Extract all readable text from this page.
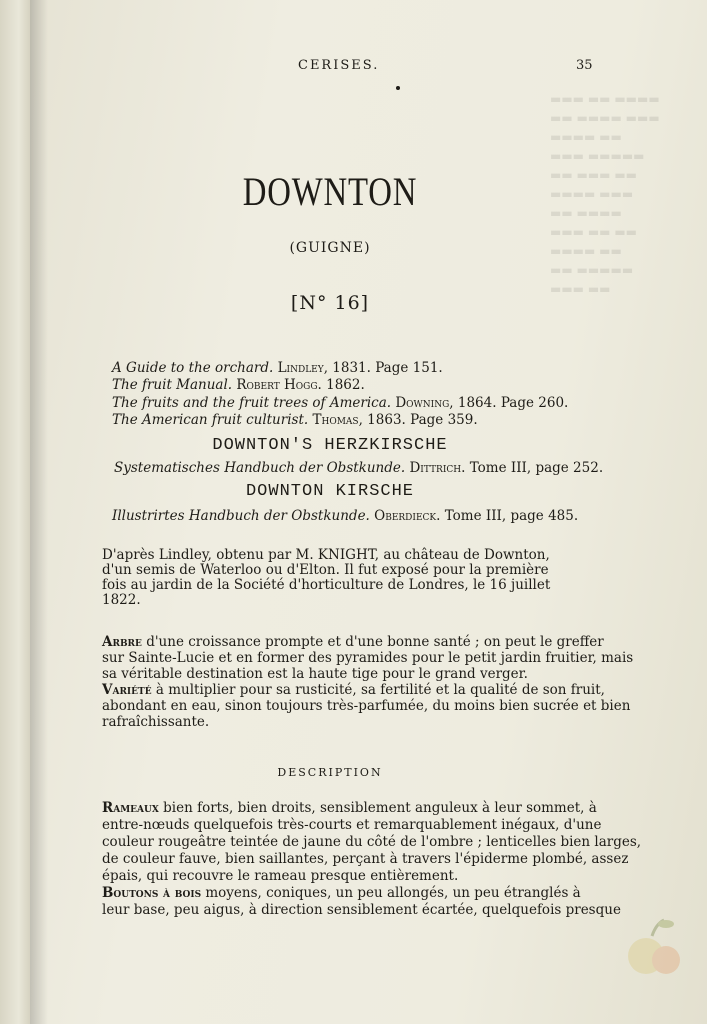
▬▬▬ ▬▬ ▬▬▬▬
▬▬ ▬▬▬▬ ▬▬▬
▬▬▬▬ ▬▬
▬▬▬ ▬▬▬▬▬
▬▬ ▬▬▬ ▬▬
▬▬▬▬ ▬▬▬
▬▬ ▬▬▬▬
▬▬▬ ▬▬ ▬▬
▬▬▬▬ ▬▬
▬▬ ▬▬▬▬▬
▬▬▬ ▬▬
CERISES.	35
DOWNTON
(GUIGNE)
[N° 16]
A Guide to the orchard. Lindley, 1831. Page 151.
The fruit Manual. Robert Hogg. 1862.
The fruits and the fruit trees of America. Downing, 1864. Page 260.
The American fruit culturist. Thomas, 1863. Page 359.
DOWNTON'S HERZKIRSCHE
Systematisches Handbuch der Obstkunde. Dittrich. Tome III, page 252.
DOWNTON KIRSCHE
Illustrirtes Handbuch der Obstkunde. Oberdieck. Tome III, page 485.
D'après Lindley, obtenu par M. KNIGHT, au château de Downton,
d'un semis de Waterloo ou d'Elton. Il fut exposé pour la première
fois au jardin de la Société d'horticulture de Londres, le 16 juillet
1822.
Arbre d'une croissance prompte et d'une bonne santé ; on peut le greffer
sur Sainte-Lucie et en former des pyramides pour le petit jardin fruitier, mais
sa véritable destination est la haute tige pour le grand verger.
Variété à multiplier pour sa rusticité, sa fertilité et la qualité de son fruit,
abondant en eau, sinon toujours très-parfumée, du moins bien sucrée et bien
rafraîchissante.
DESCRIPTION
Rameaux bien forts, bien droits, sensiblement anguleux à leur sommet, à
entre-nœuds quelquefois très-courts et remarquablement inégaux, d'une
couleur rougeâtre teintée de jaune du côté de l'ombre ; lenticelles bien larges,
de couleur fauve, bien saillantes, perçant à travers l'épiderme plombé, assez
épais, qui recouvre le rameau presque entièrement.
Boutons à bois moyens, coniques, un peu allongés, un peu étranglés à
leur base, peu aigus, à direction sensiblement écartée, quelquefois presque
